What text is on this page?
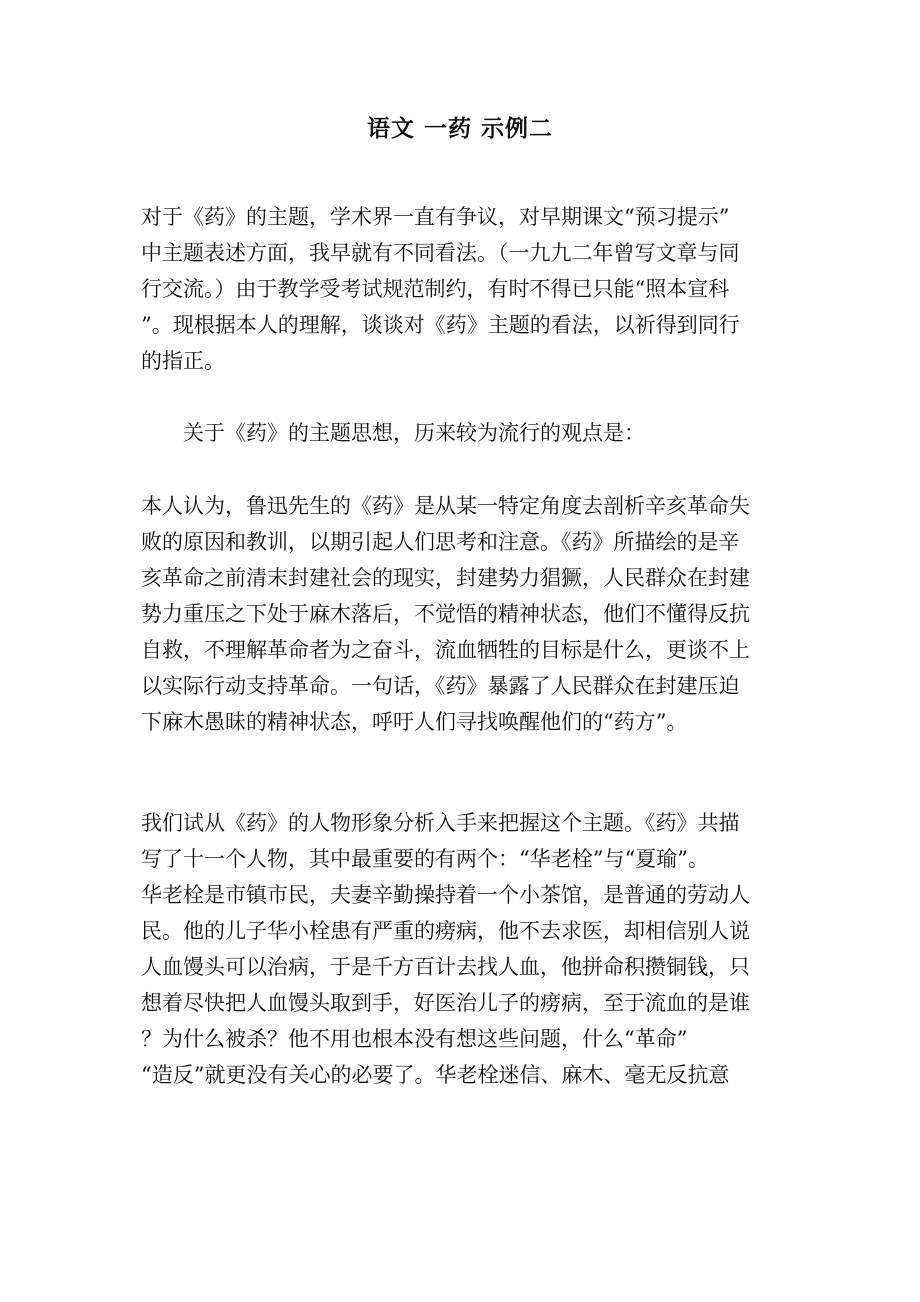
语文 一药 示例二
对于《药》的主题，学术界一直有争议，对早期课文“预习提示”
中主题表述方面，我早就有不同看法。（一九九二年曾写文章与同
行交流。）由于教学受考试规范制约，有时不得已只能“照本宣科
”。现根据本人的理解，谈谈对《药》主题的看法，以祈得到同行
的指正。
关于《药》的主题思想，历来较为流行的观点是：
本人认为，鲁迅先生的《药》是从某一特定角度去剖析辛亥革命失
败的原因和教训，以期引起人们思考和注意。《药》所描绘的是辛
亥革命之前清末封建社会的现实，封建势力猖獗，人民群众在封建
势力重压之下处于麻木落后，不觉悟的精神状态，他们不懂得反抗
自救，不理解革命者为之奋斗，流血牺牲的目标是什么，更谈不上
以实际行动支持革命。一句话，《药》暴露了人民群众在封建压迫
下麻木愚昧的精神状态，呼吁人们寻找唤醒他们的“药方”。
我们试从《药》的人物形象分析入手来把握这个主题。《药》共描
写了十一个人物，其中最重要的有两个：“华老栓”与“夏瑜”。
华老栓是市镇市民，夫妻辛勤操持着一个小茶馆，是普通的劳动人
民。他的儿子华小栓患有严重的痨病，他不去求医，却相信别人说
人血馒头可以治病，于是千方百计去找人血，他拼命积攒铜钱，只
想着尽快把人血馒头取到手，好医治儿子的痨病，至于流血的是谁
？为什么被杀？他不用也根本没有想这些问题，什么“革命”
“造反”就更没有关心的必要了。华老栓迷信、麻木、毫无反抗意
